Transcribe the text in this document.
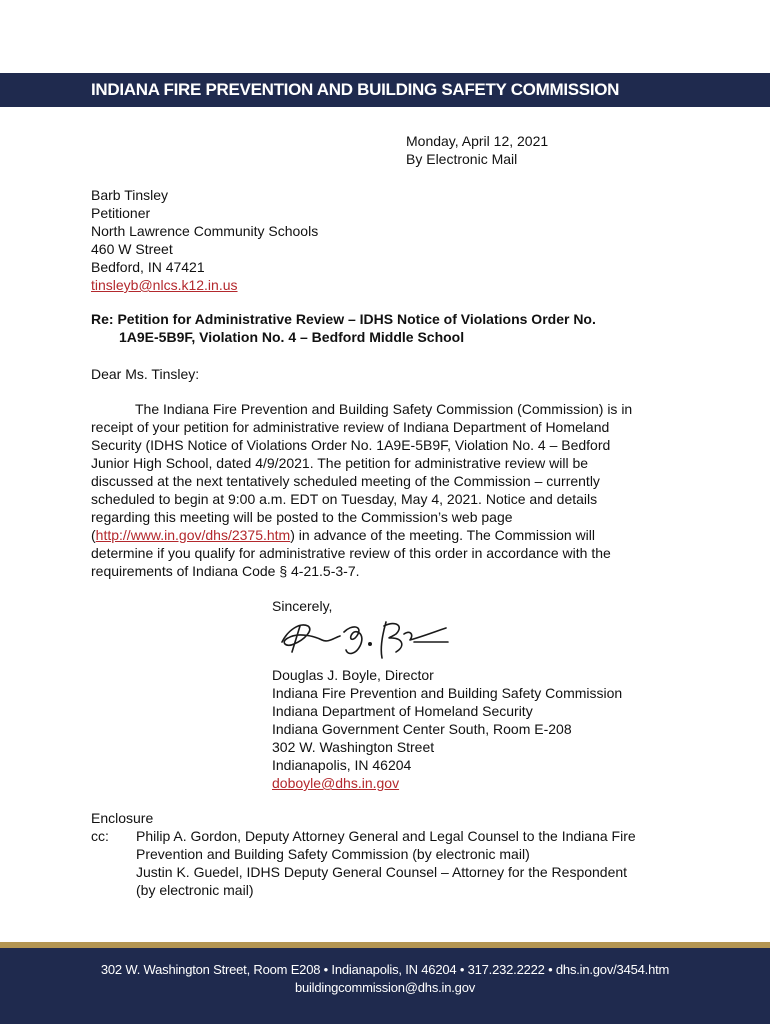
INDIANA FIRE PREVENTION AND BUILDING SAFETY COMMISSION
Monday, April 12, 2021
By Electronic Mail
Barb Tinsley
Petitioner
North Lawrence Community Schools
460 W Street
Bedford, IN 47421
tinsleyb@nlcs.k12.in.us
Re: Petition for Administrative Review – IDHS Notice of Violations Order No.
1A9E-5B9F, Violation No. 4 – Bedford Middle School
Dear Ms. Tinsley:
The Indiana Fire Prevention and Building Safety Commission (Commission) is in
receipt of your petition for administrative review of Indiana Department of Homeland
Security (IDHS Notice of Violations Order No. 1A9E-5B9F, Violation No. 4 – Bedford
Junior High School, dated 4/9/2021. The petition for administrative review will be
discussed at the next tentatively scheduled meeting of the Commission – currently
scheduled to begin at 9:00 a.m. EDT on Tuesday, May 4, 2021. Notice and details
regarding this meeting will be posted to the Commission’s web page
(http://www.in.gov/dhs/2375.htm) in advance of the meeting. The Commission will
determine if you qualify for administrative review of this order in accordance with the
requirements of Indiana Code § 4-21.5-3-7.
Sincerely,
Douglas J. Boyle, Director
Indiana Fire Prevention and Building Safety Commission
Indiana Department of Homeland Security
Indiana Government Center South, Room E-208
302 W. Washington Street
Indianapolis, IN 46204
doboyle@dhs.in.gov
Enclosure
cc: Philip A. Gordon, Deputy Attorney General and Legal Counsel to the Indiana Fire
Prevention and Building Safety Commission (by electronic mail)
Justin K. Guedel, IDHS Deputy General Counsel – Attorney for the Respondent
(by electronic mail)
302 W. Washington Street, Room E208 • Indianapolis, IN 46204 • 317.232.2222 • dhs.in.gov/3454.htm
buildingcommission@dhs.in.gov
